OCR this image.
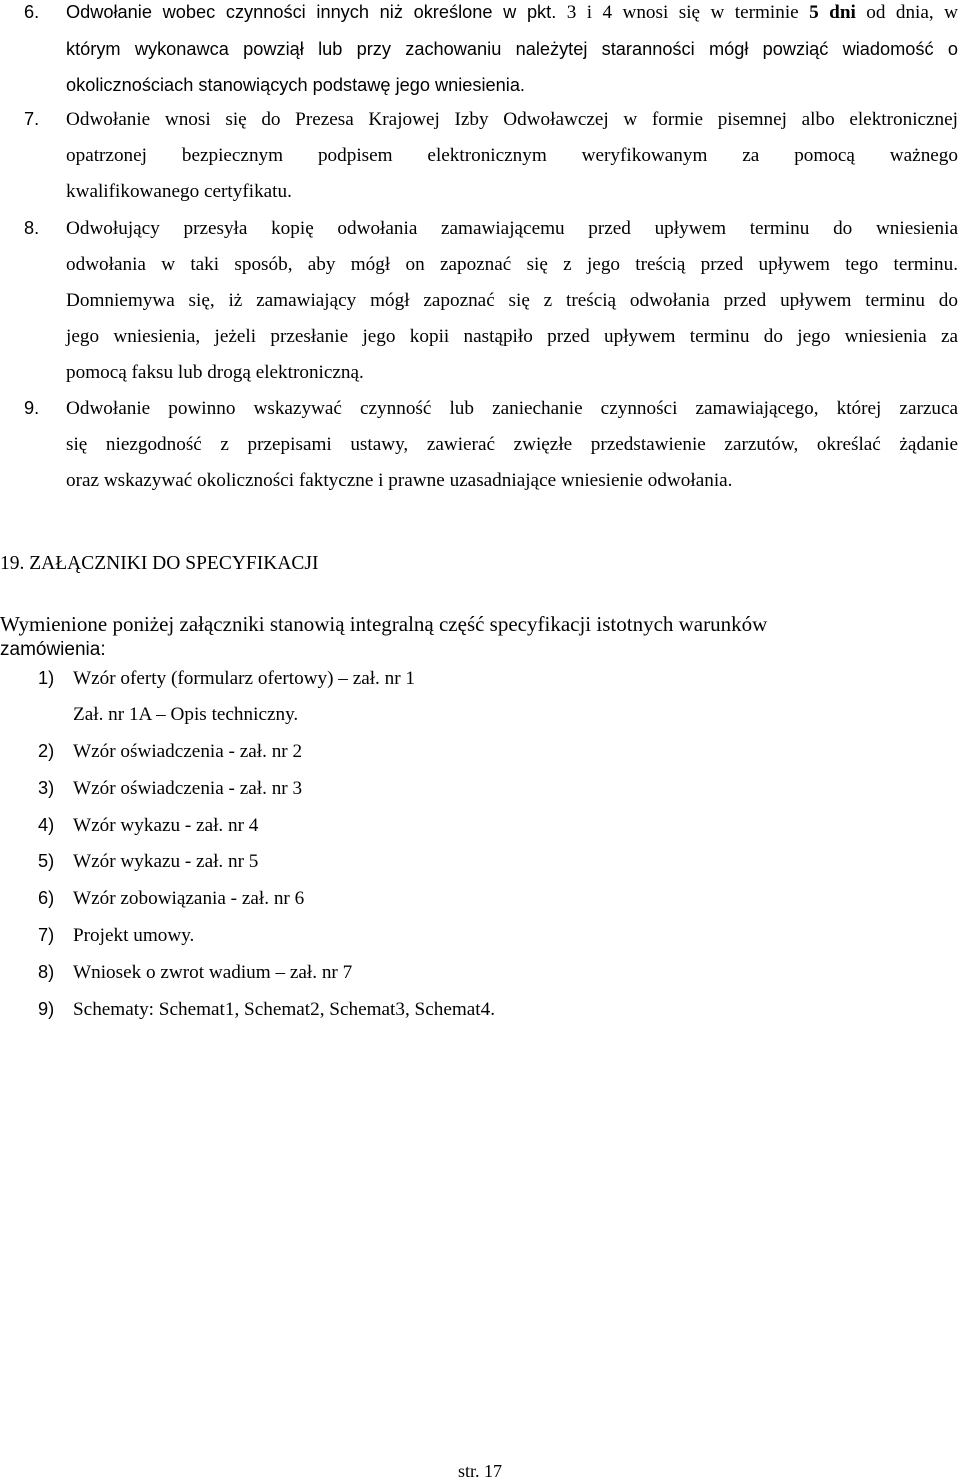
6. Odwołanie wobec czynności innych niż określone w pkt. 3 i 4 wnosi się w terminie 5 dni od dnia, w
którym wykonawca powziął lub przy zachowaniu należytej staranności mógł powziąć wiadomość o
okolicznościach stanowiących podstawę jego wniesienia.
7. Odwołanie wnosi się do Prezesa Krajowej Izby Odwoławczej w formie pisemnej albo elektronicznej
opatrzonej bezpiecznym podpisem elektronicznym weryfikowanym za pomocą ważnego
kwalifikowanego certyfikatu.
8. Odwołujący przesyła kopię odwołania zamawiającemu przed upływem terminu do wniesienia
odwołania w taki sposób, aby mógł on zapoznać się z jego treścią przed upływem tego terminu.
Domniemywa się, iż zamawiający mógł zapoznać się z treścią odwołania przed upływem terminu do
jego wniesienia, jeżeli przesłanie jego kopii nastąpiło przed upływem terminu do jego wniesienia za
pomocą faksu lub drogą elektroniczną.
9. Odwołanie powinno wskazywać czynność lub zaniechanie czynności zamawiającego, której zarzuca
się niezgodność z przepisami ustawy, zawierać zwięzłe przedstawienie zarzutów, określać żądanie
oraz wskazywać okoliczności faktyczne i prawne uzasadniające wniesienie odwołania.
19. ZAŁĄCZNIKI DO SPECYFIKACJI
Wymienione poniżej załączniki stanowią integralną część specyfikacji istotnych warunków
zamówienia:
1) Wzór oferty (formularz ofertowy) – zał. nr 1
Zał. nr 1A – Opis techniczny.
2) Wzór oświadczenia - zał. nr 2
3) Wzór oświadczenia - zał. nr 3
4) Wzór wykazu - zał. nr 4
5) Wzór wykazu - zał. nr 5
6) Wzór zobowiązania - zał. nr 6
7) Projekt umowy.
8) Wniosek o zwrot wadium – zał. nr 7
9) Schematy: Schemat1, Schemat2, Schemat3, Schemat4.
str. 17
